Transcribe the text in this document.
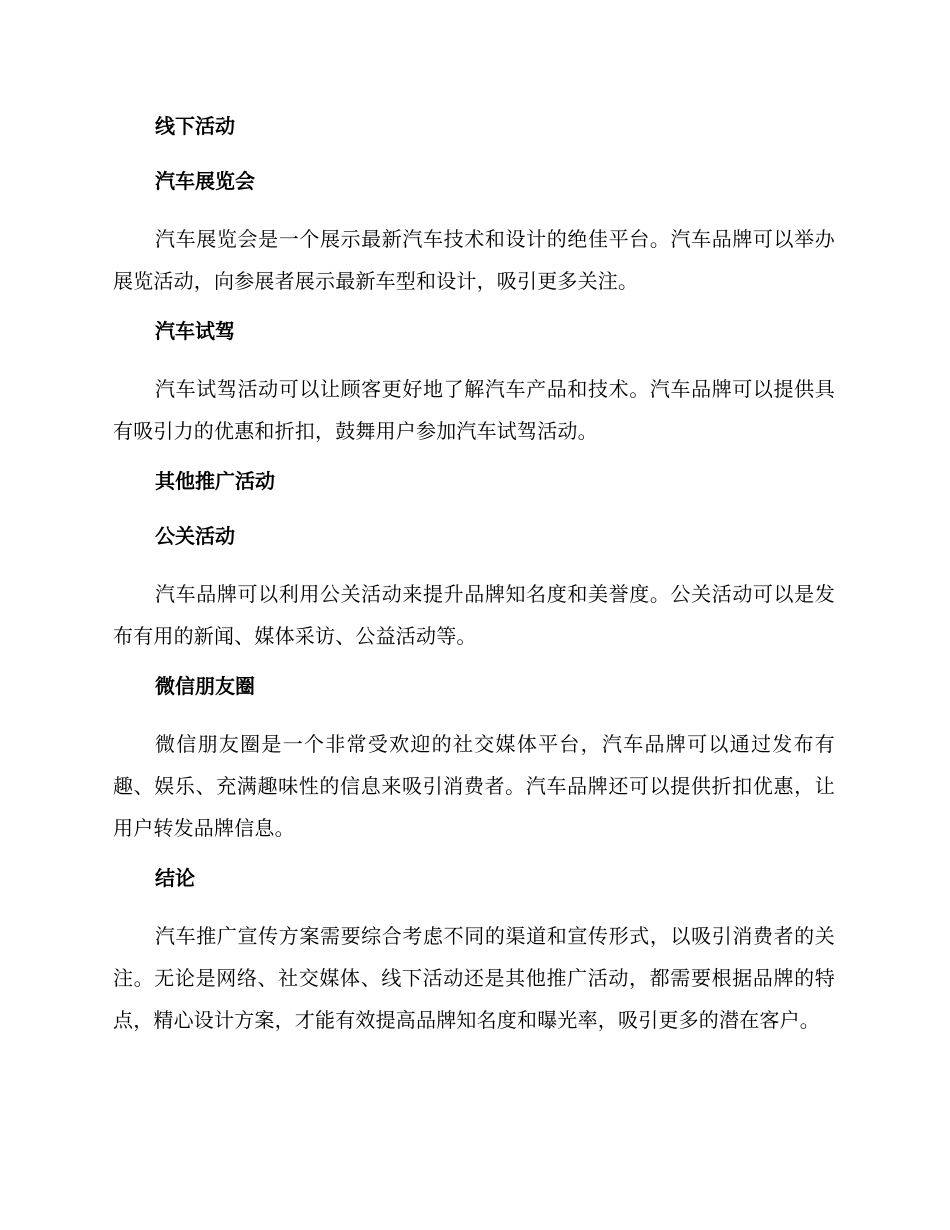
线下活动
汽车展览会

汽车展览会是一个展示最新汽车技术和设计的绝佳平台。汽车品牌可以举办展览活动，向参展者展示最新车型和设计，吸引更多关注。

汽车试驾

汽车试驾活动可以让顾客更好地了解汽车产品和技术。汽车品牌可以提供具有吸引力的优惠和折扣，鼓舞用户参加汽车试驾活动。

其他推广活动
公关活动

汽车品牌可以利用公关活动来提升品牌知名度和美誉度。公关活动可以是发布有用的新闻、媒体采访、公益活动等。

微信朋友圈

微信朋友圈是一个非常受欢迎的社交媒体平台，汽车品牌可以通过发布有趣、娱乐、充满趣味性的信息来吸引消费者。汽车品牌还可以提供折扣优惠，让用户转发品牌信息。

结论

汽车推广宣传方案需要综合考虑不同的渠道和宣传形式，以吸引消费者的关注。无论是网络、社交媒体、线下活动还是其他推广活动，都需要根据品牌的特点，精心设计方案，才能有效提高品牌知名度和曝光率，吸引更多的潜在客户。
